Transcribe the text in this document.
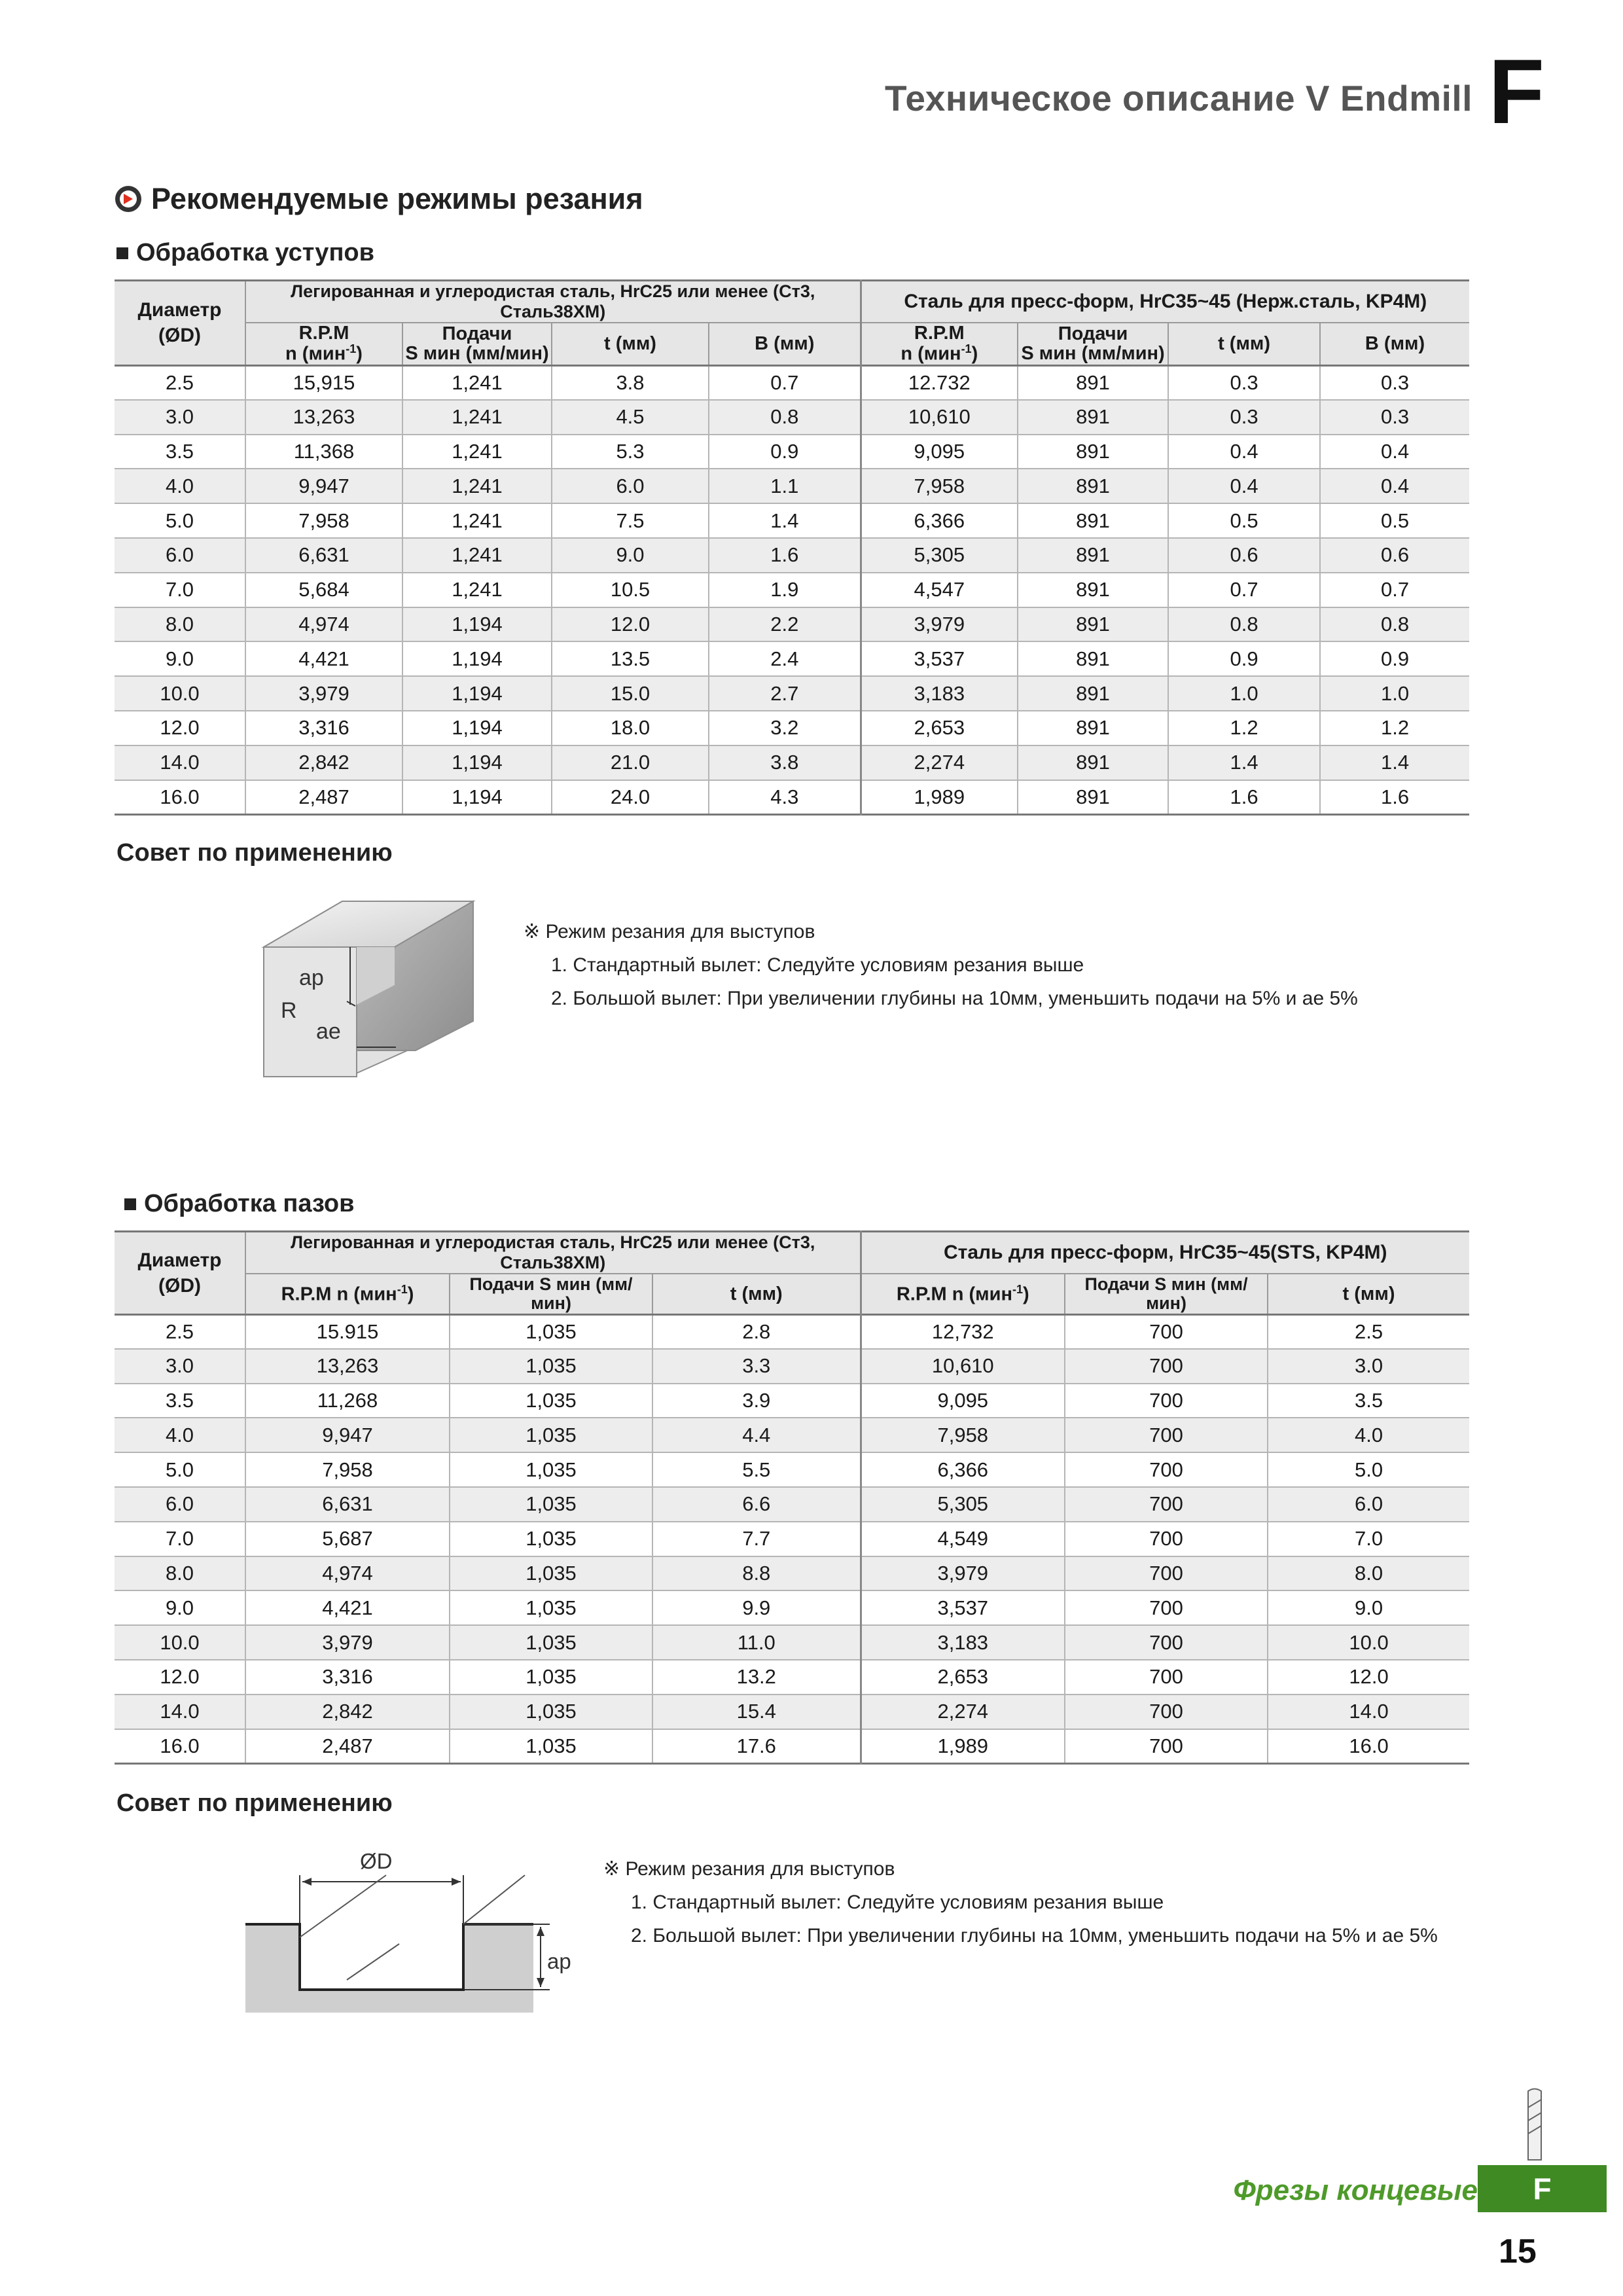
Техническое описание V Endmill F
Рекомендуемые режимы резания
Обработка уступов
Диаметр
(ØD)	Легированная и углеродистая сталь, HrC25 или менее (Ст3, Сталь38ХМ)				Сталь для пресс-форм, HrC35~45 (Нерж.сталь, KP4M)			
	R.P.M
n (мин$^{-1}$)	Подачи
S мин (мм/мин)	t (мм)	B (мм)	R.P.M
n (мин$^{-1}$)	Подачи
S мин (мм/мин)	t (мм)	B (мм)
2.5	15,915	1,241	3.8	0.7	12.732	891	0.3	0.3
3.0	13,263	1,241	4.5	0.8	10,610	891	0.3	0.3
3.5	11,368	1,241	5.3	0.9	9,095	891	0.4	0.4
4.0	9,947	1,241	6.0	1.1	7,958	891	0.4	0.4
5.0	7,958	1,241	7.5	1.4	6,366	891	0.5	0.5
6.0	6,631	1,241	9.0	1.6	5,305	891	0.6	0.6
7.0	5,684	1,241	10.5	1.9	4,547	891	0.7	0.7
8.0	4,974	1,194	12.0	2.2	3,979	891	0.8	0.8
9.0	4,421	1,194	13.5	2.4	3,537	891	0.9	0.9
10.0	3,979	1,194	15.0	2.7	3,183	891	1.0	1.0
12.0	3,316	1,194	18.0	3.2	2,653	891	1.2	1.2
14.0	2,842	1,194	21.0	3.8	2,274	891	1.4	1.4
16.0	2,487	1,194	24.0	4.3	1,989	891	1.6	1.6
Совет по применению
ap
R
ae
※ Режим резания для выступов
1. Стандартный вылет: Следуйте условиям резания выше
2. Большой вылет: При увеличении глубины на 10мм, уменьшить подачи на 5% и ae 5%
Обработка пазов
Диаметр
(ØD)	Легированная и углеродистая сталь, HrC25 или менее (Ст3, Сталь38ХМ)			Сталь для пресс-форм, HrC35~45(STS, KP4M)		
	R.P.M n (мин$^{-1}$)	Подачи S мин (мм/мин)	t (мм)	R.P.M n (мин$^{-1}$)	Подачи S мин (мм/мин)	t (мм)
2.5	15.915	1,035	2.8	12,732	700	2.5
3.0	13,263	1,035	3.3	10,610	700	3.0
3.5	11,268	1,035	3.9	9,095	700	3.5
4.0	9,947	1,035	4.4	7,958	700	4.0
5.0	7,958	1,035	5.5	6,366	700	5.0
6.0	6,631	1,035	6.6	5,305	700	6.0
7.0	5,687	1,035	7.7	4,549	700	7.0
8.0	4,974	1,035	8.8	3,979	700	8.0
9.0	4,421	1,035	9.9	3,537	700	9.0
10.0	3,979	1,035	11.0	3,183	700	10.0
12.0	3,316	1,035	13.2	2,653	700	12.0
14.0	2,842	1,035	15.4	2,274	700	14.0
16.0	2,487	1,035	17.6	1,989	700	16.0
Совет по применению
ØD
ap
※ Режим резания для выступов
1. Стандартный вылет: Следуйте условиям резания выше
2. Большой вылет: При увеличении глубины на 10мм, уменьшить подачи на 5% и ae 5%
Фрезы концевые	F
15
